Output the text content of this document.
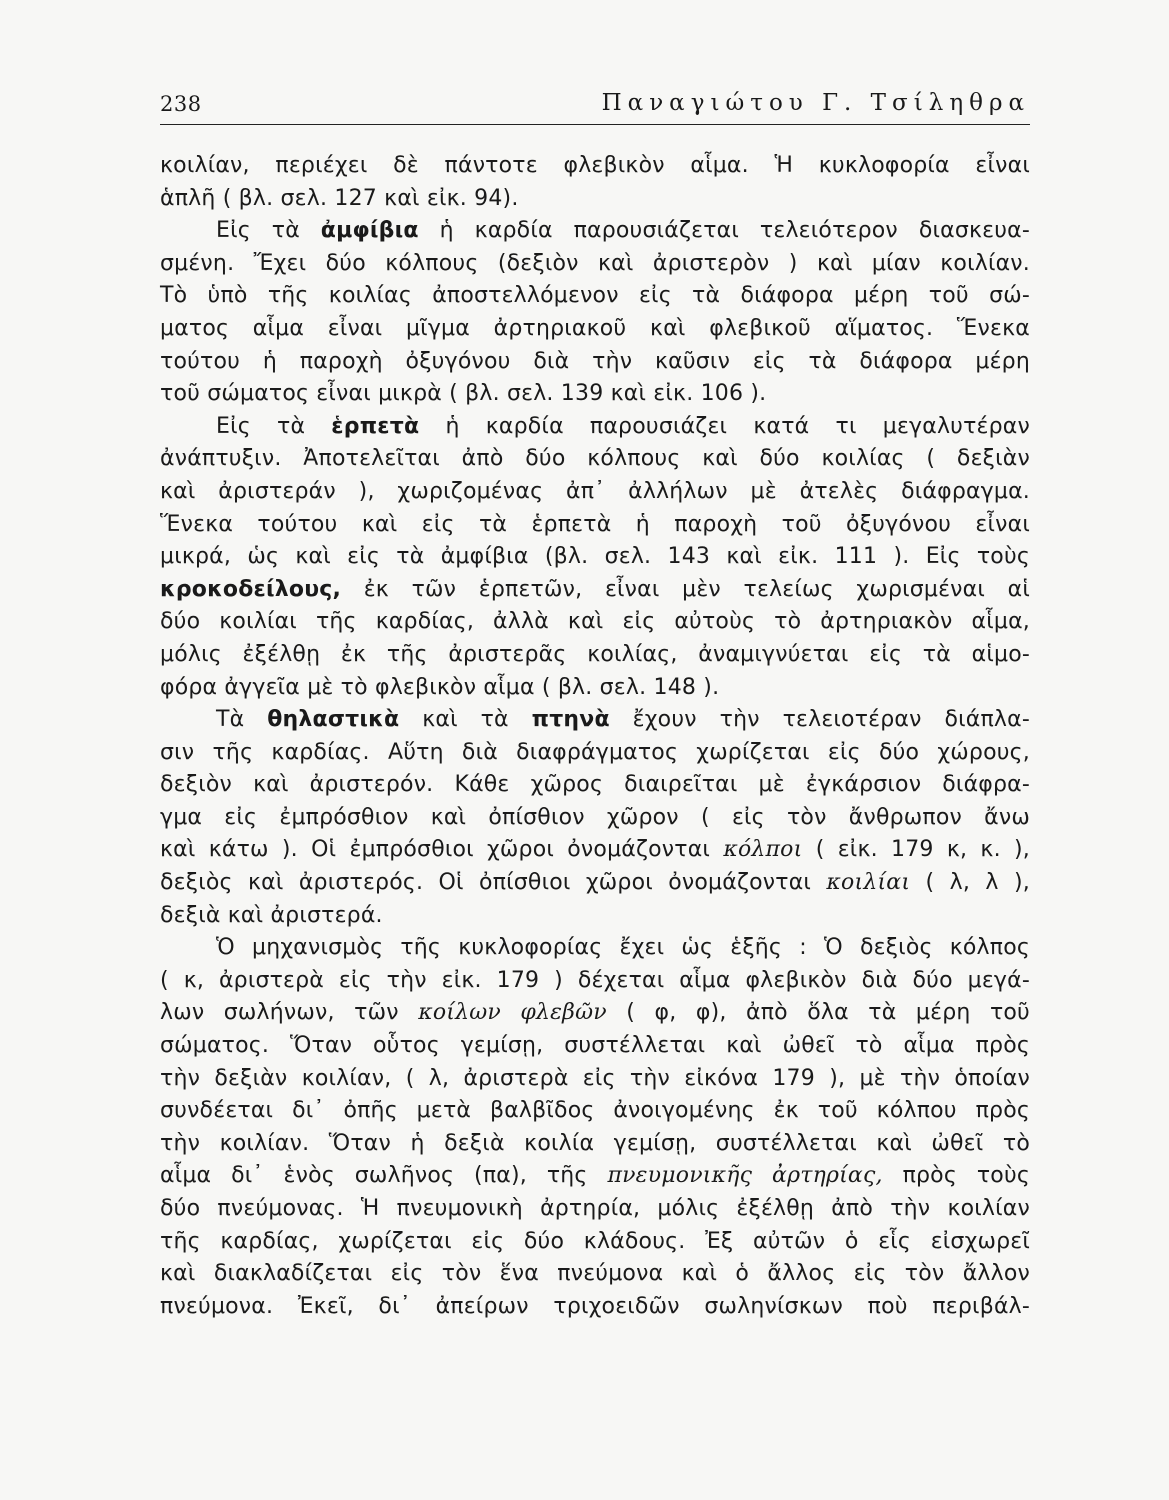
238	Παναγιώτου Γ. Τσίληθρα
κοιλίαν, περιέχει δὲ πάντοτε φλεβικὸν αἷμα. Ἡ κυκλοφορία εἶναι
ἁπλῆ ( βλ. σελ. 127 καὶ εἰκ. 94).
Εἰς τὰ ἀμφίβια ἡ καρδία παρουσιάζεται τελειότερον διασκευα-
σμένη. Ἔχει δύο κόλπους (δεξιὸν καὶ ἀριστερὸν ) καὶ μίαν κοιλίαν.
Τὸ ὑπὸ τῆς κοιλίας ἀποστελλόμενον εἰς τὰ διάφορα μέρη τοῦ σώ-
ματος αἷμα εἶναι μῖγμα ἀρτηριακοῦ καὶ φλεβικοῦ αἵματος. Ἕνεκα
τούτου ἡ παροχὴ ὀξυγόνου διὰ τὴν καῦσιν εἰς τὰ διάφορα μέρη
τοῦ σώματος εἶναι μικρὰ ( βλ. σελ. 139 καὶ εἰκ. 106 ).
Εἰς τὰ ἑρπετὰ ἡ καρδία παρουσιάζει κατά τι μεγαλυτέραν
ἀνάπτυξιν. Ἀποτελεῖται ἀπὸ δύο κόλπους καὶ δύο κοιλίας ( δεξιὰν
καὶ ἀριστεράν ), χωριζομένας ἀπ᾽ ἀλλήλων μὲ ἀτελὲς διάφραγμα.
Ἕνεκα τούτου καὶ εἰς τὰ ἑρπετὰ ἡ παροχὴ τοῦ ὀξυγόνου εἶναι
μικρά, ὡς καὶ εἰς τὰ ἀμφίβια (βλ. σελ. 143 καὶ εἰκ. 111 ). Εἰς τοὺς
κροκοδείλους, ἐκ τῶν ἑρπετῶν, εἶναι μὲν τελείως χωρισμέναι αἱ
δύο κοιλίαι τῆς καρδίας, ἀλλὰ καὶ εἰς αὐτοὺς τὸ ἀρτηριακὸν αἷμα,
μόλις ἐξέλθῃ ἐκ τῆς ἀριστερᾶς κοιλίας, ἀναμιγνύεται εἰς τὰ αἱμο-
φόρα ἀγγεῖα μὲ τὸ φλεβικὸν αἷμα ( βλ. σελ. 148 ).
Τὰ θηλαστικὰ καὶ τὰ πτηνὰ ἔχουν τὴν τελειοτέραν διάπλα-
σιν τῆς καρδίας. Αὕτη διὰ διαφράγματος χωρίζεται εἰς δύο χώρους,
δεξιὸν καὶ ἀριστερόν. Κάθε χῶρος διαιρεῖται μὲ ἐγκάρσιον διάφρα-
γμα εἰς ἐμπρόσθιον καὶ ὀπίσθιον χῶρον ( εἰς τὸν ἄνθρωπον ἄνω
καὶ κάτω ). Οἱ ἐμπρόσθιοι χῶροι ὀνομάζονται κόλποι ( εἰκ. 179 κ, κ. ),
δεξιὸς καὶ ἀριστερός. Οἱ ὀπίσθιοι χῶροι ὀνομάζονται κοιλίαι ( λ, λ ),
δεξιὰ καὶ ἀριστερά.
Ὁ μηχανισμὸς τῆς κυκλοφορίας ἔχει ὡς ἑξῆς : Ὁ δεξιὸς κόλπος
( κ, ἀριστερὰ εἰς τὴν εἰκ. 179 ) δέχεται αἷμα φλεβικὸν διὰ δύο μεγά-
λων σωλήνων, τῶν κοίλων φλεβῶν ( φ, φ), ἀπὸ ὅλα τὰ μέρη τοῦ
σώματος. Ὅταν οὗτος γεμίσῃ, συστέλλεται καὶ ὠθεῖ τὸ αἷμα πρὸς
τὴν δεξιὰν κοιλίαν, ( λ, ἀριστερὰ εἰς τὴν εἰκόνα 179 ), μὲ τὴν ὁποίαν
συνδέεται δι᾽ ὀπῆς μετὰ βαλβῖδος ἀνοιγομένης ἐκ τοῦ κόλπου πρὸς
τὴν κοιλίαν. Ὅταν ἡ δεξιὰ κοιλία γεμίσῃ, συστέλλεται καὶ ὠθεῖ τὸ
αἷμα δι᾽ ἑνὸς σωλῆνος (πα), τῆς πνευμονικῆς ἀρτηρίας, πρὸς τοὺς
δύο πνεύμονας. Ἡ πνευμονικὴ ἀρτηρία, μόλις ἐξέλθῃ ἀπὸ τὴν κοιλίαν
τῆς καρδίας, χωρίζεται εἰς δύο κλάδους. Ἐξ αὐτῶν ὁ εἷς εἰσχωρεῖ
καὶ διακλαδίζεται εἰς τὸν ἕνα πνεύμονα καὶ ὁ ἄλλος εἰς τὸν ἄλλον
πνεύμονα. Ἐκεῖ, δι᾽ ἀπείρων τριχοειδῶν σωληνίσκων ποὺ περιβάλ-
